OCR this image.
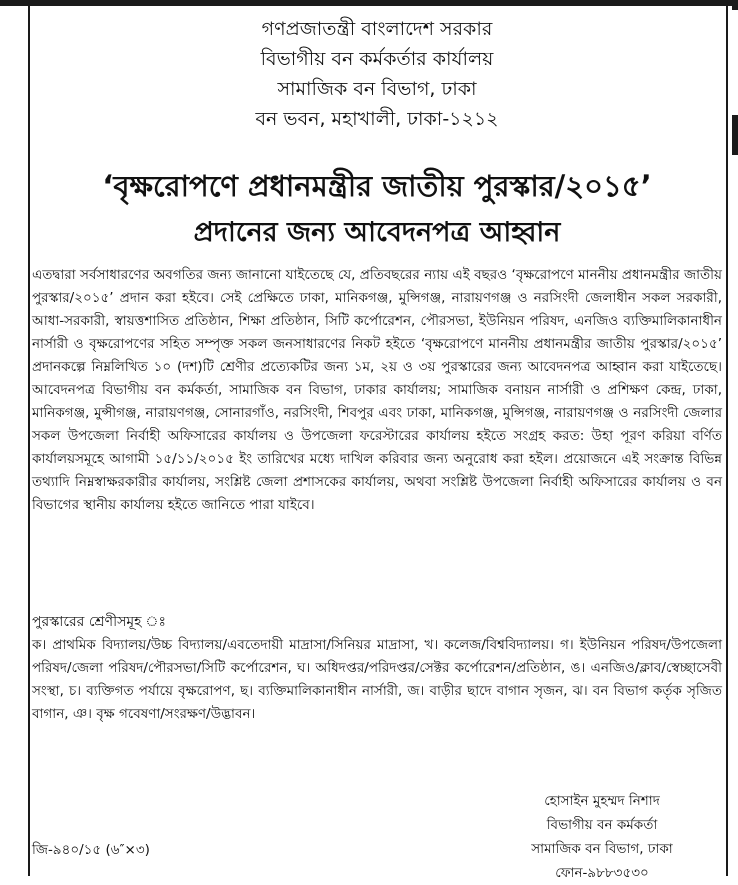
গণপ্রজাতন্ত্রী বাংলাদেশ সরকার
বিভাগীয় বন কর্মকর্তার কার্যালয়
সামাজিক বন বিভাগ, ঢাকা
বন ভবন, মহাখালী, ঢাকা-১২১২
‘বৃক্ষরোপণে প্রধানমন্ত্রীর জাতীয় পুরস্কার/২০১৫’
প্রদানের জন্য আবেদনপত্র আহ্বান
এতদ্বারা সর্বসাধারণের অবগতির জন্য জানানো যাইতেছে যে, প্রতিবছরের ন্যায় এই বছরও ‘বৃক্ষরোপণে মাননীয় প্রধানমন্ত্রীর জাতীয় পুরস্কার/২০১৫’ প্রদান করা হইবে। সেই প্রেক্ষিতে ঢাকা, মানিকগঞ্জ, মুন্সিগঞ্জ, নারায়ণগঞ্জ ও নরসিংদী জেলাধীন সকল সরকারী, আধা-সরকারী, স্বায়ত্তশাসিত প্রতিষ্ঠান, শিক্ষা প্রতিষ্ঠান, সিটি কর্পোরেশন, পৌরসভা, ইউনিয়ন পরিষদ, এনজিও ব্যক্তিমালিকানাধীন নার্সারী ও বৃক্ষরোপণের সহিত সম্পৃক্ত সকল জনসাধারণের নিকট হইতে ‘বৃক্ষরোপণে মাননীয় প্রধানমন্ত্রীর জাতীয় পুরস্কার/২০১৫’ প্রদানকল্পে নিম্নলিখিত ১০ (দশ)টি শ্রেণীর প্রত্যেকটির জন্য ১ম, ২য় ও ৩য় পুরস্কারের জন্য আবেদনপত্র আহ্বান করা যাইতেছে। আবেদনপত্র বিভাগীয় বন কর্মকর্তা, সামাজিক বন বিভাগ, ঢাকার কার্যালয়; সামাজিক বনায়ন নার্সারী ও প্রশিক্ষণ কেন্দ্র, ঢাকা, মানিকগঞ্জ, মুন্সীগঞ্জ, নারায়ণগঞ্জ, সোনারগাঁও, নরসিংদী, শিবপুর এবং ঢাকা, মানিকগঞ্জ, মুন্সিগঞ্জ, নারায়ণগঞ্জ ও নরসিংদী জেলার সকল উপজেলা নির্বাহী অফিসারের কার্যালয় ও উপজেলা ফরেস্টারের কার্যালয় হইতে সংগ্রহ করত: উহা পূরণ করিয়া বর্ণিত কার্যালয়সমূহে আগামী ১৫/১১/২০১৫ ইং তারিখের মধ্যে দাখিল করিবার জন্য অনুরোধ করা হইল। প্রয়োজনে এই সংক্রান্ত বিভিন্ন তথ্যাদি নিম্নস্বাক্ষরকারীর কার্যালয়, সংশ্লিষ্ট জেলা প্রশাসকের কার্যালয়, অথবা সংশ্লিষ্ট উপজেলা নির্বাহী অফিসারের কার্যালয় ও বন বিভাগের স্থানীয় কার্যালয় হইতে জানিতে পারা যাইবে।
পুরস্কারের শ্রেণীসমূহ ঃ
ক। প্রাথমিক বিদ্যালয়/উচ্চ বিদ্যালয়/এবতেদায়ী মাদ্রাসা/সিনিয়র মাদ্রাসা, খ। কলেজ/বিশ্ববিদ্যালয়। গ। ইউনিয়ন পরিষদ/উপজেলা পরিষদ/জেলা পরিষদ/পৌরসভা/সিটি কর্পোরেশন, ঘ। অধিদপ্তর/পরিদপ্তর/সেক্টর কর্পোরেশন/প্রতিষ্ঠান, ঙ। এনজিও/ক্লাব/স্বেচ্ছাসেবী সংস্থা, চ। ব্যক্তিগত পর্যায়ে বৃক্ষরোপণ, ছ। ব্যক্তিমালিকানাধীন নার্সারী, জ। বাড়ীর ছাদে বাগান সৃজন, ঝ। বন বিভাগ কর্তৃক সৃজিত বাগান, ঞ। বৃক্ষ গবেষণা/সংরক্ষণ/উদ্ভাবন।
হোসাইন মুহম্মদ নিশাদ
বিভাগীয় বন কর্মকর্তা
সামাজিক বন বিভাগ, ঢাকা
ফোন-৯৮৮৩৫৩০
জি-৯৪০/১৫ (৬″×৩)
